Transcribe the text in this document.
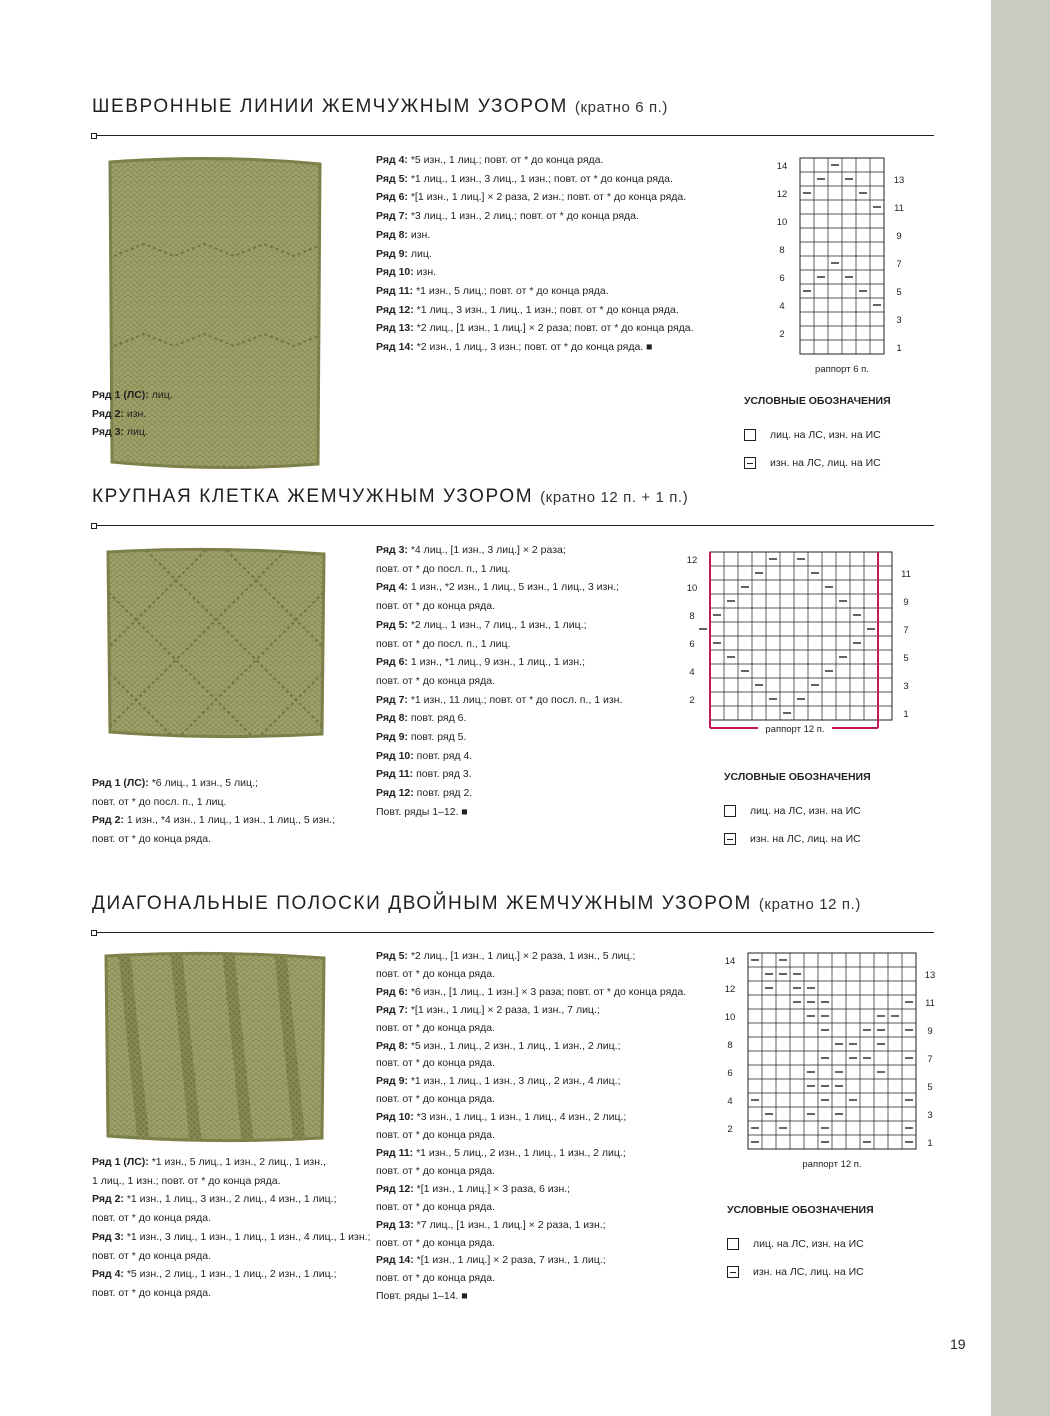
ШЕВРОННЫЕ ЛИНИИ ЖЕМЧУЖНЫМ УЗОРОМ (кратно 6 п.)
Ряд 1 (ЛС): лиц.
Ряд 2: изн.
Ряд 3: лиц.
Ряд 4: *5 изн., 1 лиц.; повт. от * до конца ряда.
Ряд 5: *1 лиц., 1 изн., 3 лиц., 1 изн.; повт. от * до конца ряда.
Ряд 6: *[1 изн., 1 лиц.] × 2 раза, 2 изн.; повт. от * до конца ряда.
Ряд 7: *3 лиц., 1 изн., 2 лиц.; повт. от * до конца ряда.
Ряд 8: изн.
Ряд 9: лиц.
Ряд 10: изн.
Ряд 11: *1 изн., 5 лиц.; повт. от * до конца ряда.
Ряд 12: *1 лиц., 3 изн., 1 лиц., 1 изн.; повт. от * до конца ряда.
Ряд 13: *2 лиц., [1 изн., 1 лиц.] × 2 раза; повт. от * до конца ряда.
Ряд 14: *2 изн., 1 лиц., 3 изн.; повт. от * до конца ряда. ■
14
12
10
8
6
4
2
13
11
9
7
5
3
1
раппорт 6 п.
УСЛОВНЫЕ ОБОЗНАЧЕНИЯ
лиц. на ЛС, изн. на ИС
изн. на ЛС, лиц. на ИС
КРУПНАЯ КЛЕТКА ЖЕМЧУЖНЫМ УЗОРОМ (кратно 12 п. + 1 п.)
Ряд 1 (ЛС): *6 лиц., 1 изн., 5 лиц.;
повт. от * до посл. п., 1 лиц.
Ряд 2: 1 изн., *4 изн., 1 лиц., 1 изн., 1 лиц., 5 изн.;
повт. от * до конца ряда.
Ряд 3: *4 лиц., [1 изн., 3 лиц.] × 2 раза;
повт. от * до посл. п., 1 лиц.
Ряд 4: 1 изн., *2 изн., 1 лиц., 5 изн., 1 лиц., 3 изн.;
повт. от * до конца ряда.
Ряд 5: *2 лиц., 1 изн., 7 лиц., 1 изн., 1 лиц.;
повт. от * до посл. п., 1 лиц.
Ряд 6: 1 изн., *1 лиц., 9 изн., 1 лиц., 1 изн.;
повт. от * до конца ряда.
Ряд 7: *1 изн., 11 лиц.; повт. от * до посл. п., 1 изн.
Ряд 8: повт. ряд 6.
Ряд 9: повт. ряд 5.
Ряд 10: повт. ряд 4.
Ряд 11: повт. ряд 3.
Ряд 12: повт. ряд 2.
Повт. ряды 1–12. ■
12
10
8
6
4
2
11
9
7
5
3
1
раппорт 12 п.
УСЛОВНЫЕ ОБОЗНАЧЕНИЯ
лиц. на ЛС, изн. на ИС
изн. на ЛС, лиц. на ИС
ДИАГОНАЛЬНЫЕ ПОЛОСКИ ДВОЙНЫМ ЖЕМЧУЖНЫМ УЗОРОМ (кратно 12 п.)
Ряд 1 (ЛС): *1 изн., 5 лиц., 1 изн., 2 лиц., 1 изн.,
1 лиц., 1 изн.; повт. от * до конца ряда.
Ряд 2: *1 изн., 1 лиц., 3 изн., 2 лиц., 4 изн., 1 лиц.;
повт. от * до конца ряда.
Ряд 3: *1 изн., 3 лиц., 1 изн., 1 лиц., 1 изн., 4 лиц., 1 изн.;
повт. от * до конца ряда.
Ряд 4: *5 изн., 2 лиц., 1 изн., 1 лиц., 2 изн., 1 лиц.;
повт. от * до конца ряда.
Ряд 5: *2 лиц., [1 изн., 1 лиц.] × 2 раза, 1 изн., 5 лиц.;
повт. от * до конца ряда.
Ряд 6: *6 изн., [1 лиц., 1 изн.] × 3 раза; повт. от * до конца ряда.
Ряд 7: *[1 изн., 1 лиц.] × 2 раза, 1 изн., 7 лиц.;
повт. от * до конца ряда.
Ряд 8: *5 изн., 1 лиц., 2 изн., 1 лиц., 1 изн., 2 лиц.;
повт. от * до конца ряда.
Ряд 9: *1 изн., 1 лиц., 1 изн., 3 лиц., 2 изн., 4 лиц.;
повт. от * до конца ряда.
Ряд 10: *3 изн., 1 лиц., 1 изн., 1 лиц., 4 изн., 2 лиц.;
повт. от * до конца ряда.
Ряд 11: *1 изн., 5 лиц., 2 изн., 1 лиц., 1 изн., 2 лиц.;
повт. от * до конца ряда.
Ряд 12: *[1 изн., 1 лиц.] × 3 раза, 6 изн.;
повт. от * до конца ряда.
Ряд 13: *7 лиц., [1 изн., 1 лиц.] × 2 раза, 1 изн.;
повт. от * до конца ряда.
Ряд 14: *[1 изн., 1 лиц.] × 2 раза, 7 изн., 1 лиц.;
повт. от * до конца ряда.
Повт. ряды 1–14. ■
14
12
10
8
6
4
2
13
11
9
7
5
3
1
раппорт 12 п.
УСЛОВНЫЕ ОБОЗНАЧЕНИЯ
лиц. на ЛС, изн. на ИС
изн. на ЛС, лиц. на ИС
19
